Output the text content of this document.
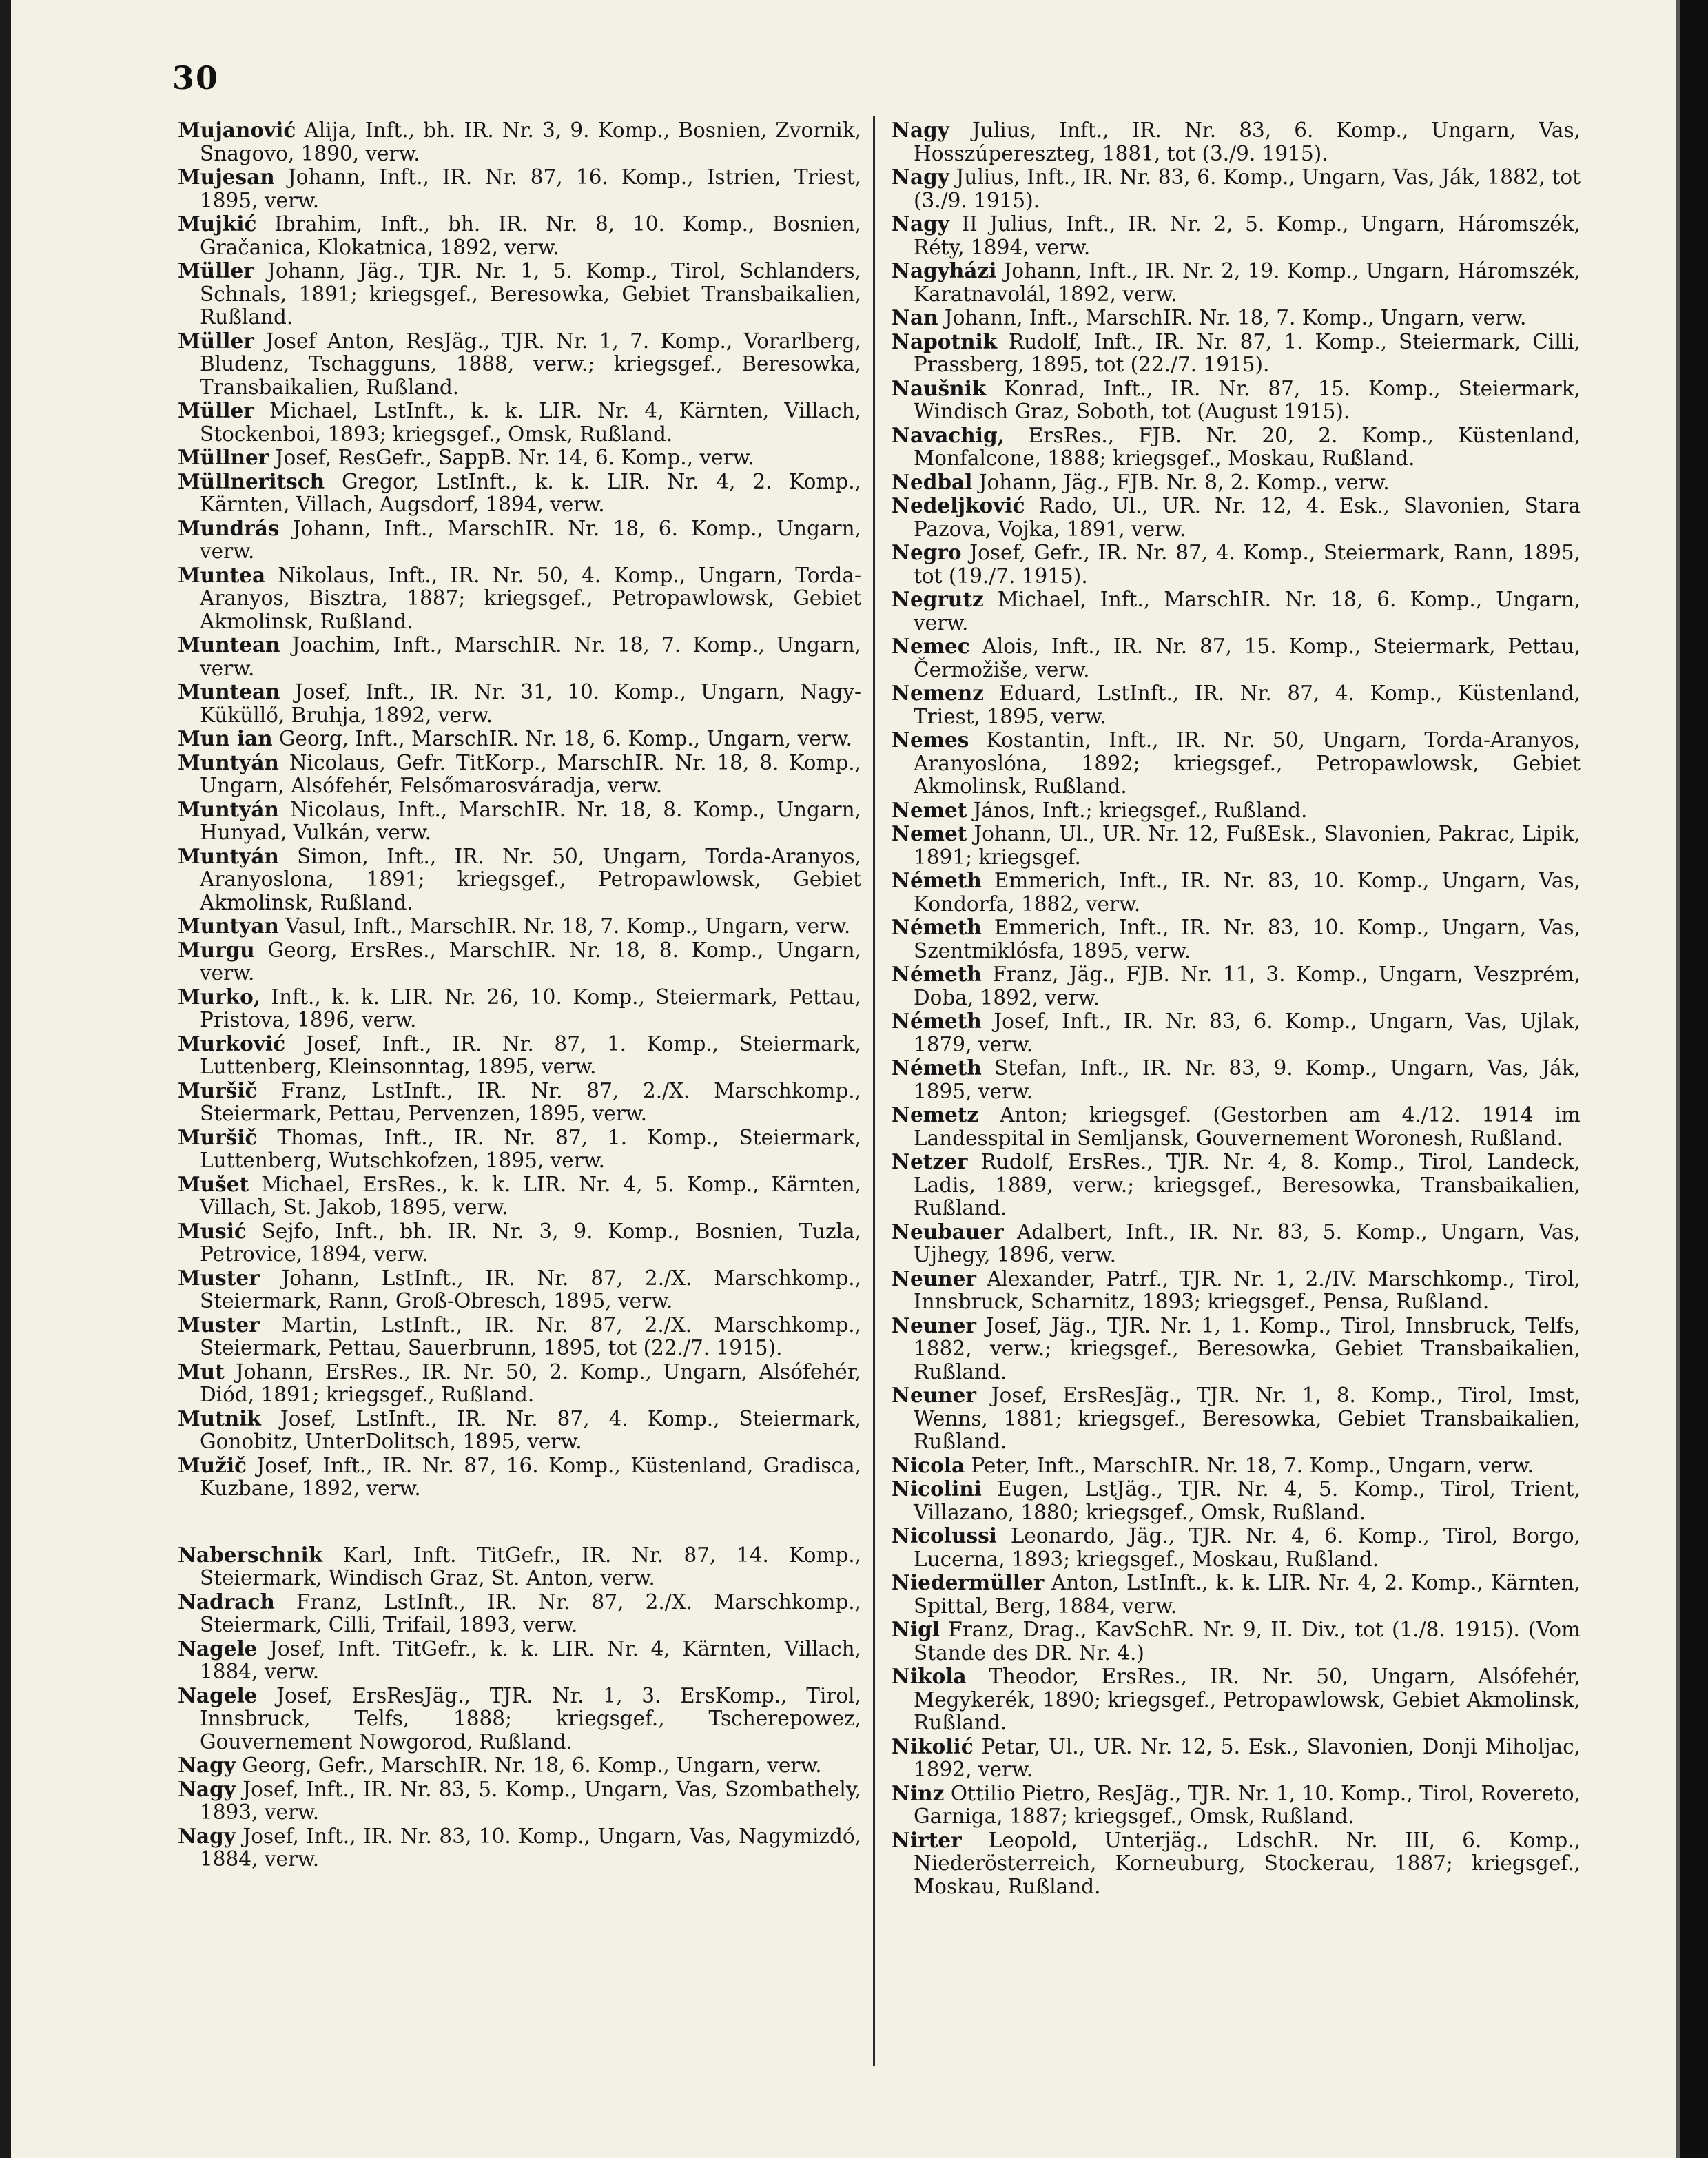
30

Mujanović Alija, Inft., bh. IR. Nr. 3, 9. Komp., Bosnien, Zvornik, Snagovo, 1890, verw.
Mujesan Johann, Inft., IR. Nr. 87, 16. Komp., Istrien, Triest, 1895, verw.
Mujkić Ibrahim, Inft., bh. IR. Nr. 8, 10. Komp., Bosnien, Gračanica, Klokatnica, 1892, verw.
Müller Johann, Jäg., TJR. Nr. 1, 5. Komp., Tirol, Schlanders, Schnals, 1891; kriegsgef., Beresowka, Gebiet Transbaikalien, Rußland.
Müller Josef Anton, ResJäg., TJR. Nr. 1, 7. Komp., Vorarlberg, Bludenz, Tschagguns, 1888, verw.; kriegsgef., Beresowka, Transbaikalien, Rußland.
Müller Michael, LstInft., k. k. LIR. Nr. 4, Kärnten, Villach, Stockenboi, 1893; kriegsgef., Omsk, Rußland.
Müllner Josef, ResGefr., SappB. Nr. 14, 6. Komp., verw.
Müllneritsch Gregor, LstInft., k. k. LIR. Nr. 4, 2. Komp., Kärnten, Villach, Augsdorf, 1894, verw.
Mundrás Johann, Inft., MarschIR. Nr. 18, 6. Komp., Ungarn, verw.
Muntea Nikolaus, Inft., IR. Nr. 50, 4. Komp., Ungarn, Torda-Aranyos, Bisztra, 1887; kriegsgef., Petropawlowsk, Gebiet Akmolinsk, Rußland.
Muntean Joachim, Inft., MarschIR. Nr. 18, 7. Komp., Ungarn, verw.
Muntean Josef, Inft., IR. Nr. 31, 10. Komp., Ungarn, Nagy-Küküllő, Bruhja, 1892, verw.
Mun ian Georg, Inft., MarschIR. Nr. 18, 6. Komp., Ungarn, verw.
Muntyán Nicolaus, Gefr. TitKorp., MarschIR. Nr. 18, 8. Komp., Ungarn, Alsófehér, Felsőmarosváradja, verw.
Muntyán Nicolaus, Inft., MarschIR. Nr. 18, 8. Komp., Ungarn, Hunyad, Vulkán, verw.
Muntyán Simon, Inft., IR. Nr. 50, Ungarn, Torda-Aranyos, Aranyoslona, 1891; kriegsgef., Petropawlowsk, Gebiet Akmolinsk, Rußland.
Muntyan Vasul, Inft., MarschIR. Nr. 18, 7. Komp., Ungarn, verw.
Murgu Georg, ErsRes., MarschIR. Nr. 18, 8. Komp., Ungarn, verw.
Murko, Inft., k. k. LIR. Nr. 26, 10. Komp., Steiermark, Pettau, Pristova, 1896, verw.
Murković Josef, Inft., IR. Nr. 87, 1. Komp., Steiermark, Luttenberg, Kleinsonntag, 1895, verw.
Muršič Franz, LstInft., IR. Nr. 87, 2./X. Marschkomp., Steiermark, Pettau, Pervenzen, 1895, verw.
Muršič Thomas, Inft., IR. Nr. 87, 1. Komp., Steiermark, Luttenberg, Wutschkofzen, 1895, verw.
Mušet Michael, ErsRes., k. k. LIR. Nr. 4, 5. Komp., Kärnten, Villach, St. Jakob, 1895, verw.
Musić Sejfo, Inft., bh. IR. Nr. 3, 9. Komp., Bosnien, Tuzla, Petrovice, 1894, verw.
Muster Johann, LstInft., IR. Nr. 87, 2./X. Marschkomp., Steiermark, Rann, Groß-Obresch, 1895, verw.
Muster Martin, LstInft., IR. Nr. 87, 2./X. Marschkomp., Steiermark, Pettau, Sauerbrunn, 1895, tot (22./7. 1915).
Mut Johann, ErsRes., IR. Nr. 50, 2. Komp., Ungarn, Alsófehér, Diód, 1891; kriegsgef., Rußland.
Mutnik Josef, LstInft., IR. Nr. 87, 4. Komp., Steiermark, Gonobitz, UnterDolitsch, 1895, verw.
Mužič Josef, Inft., IR. Nr. 87, 16. Komp., Küstenland, Gradisca, Kuzbane, 1892, verw.
Naberschnik Karl, Inft. TitGefr., IR. Nr. 87, 14. Komp., Steiermark, Windisch Graz, St. Anton, verw.
Nadrach Franz, LstInft., IR. Nr. 87, 2./X. Marschkomp., Steiermark, Cilli, Trifail, 1893, verw.
Nagele Josef, Inft. TitGefr., k. k. LIR. Nr. 4, Kärnten, Villach, 1884, verw.
Nagele Josef, ErsResJäg., TJR. Nr. 1, 3. ErsKomp., Tirol, Innsbruck, Telfs, 1888; kriegsgef., Tscherepowez, Gouvernement Nowgorod, Rußland.
Nagy Georg, Gefr., MarschIR. Nr. 18, 6. Komp., Ungarn, verw.
Nagy Josef, Inft., IR. Nr. 83, 5. Komp., Ungarn, Vas, Szombathely, 1893, verw.
Nagy Josef, Inft., IR. Nr. 83, 10. Komp., Ungarn, Vas, Nagymizdó, 1884, verw.
Nagy Julius, Inft., IR. Nr. 83, 6. Komp., Ungarn, Vas, Hosszúpereszteg, 1881, tot (3./9. 1915).
Nagy Julius, Inft., IR. Nr. 83, 6. Komp., Ungarn, Vas, Ják, 1882, tot (3./9. 1915).
Nagy II Julius, Inft., IR. Nr. 2, 5. Komp., Ungarn, Háromszék, Réty, 1894, verw.
Nagyházi Johann, Inft., IR. Nr. 2, 19. Komp., Ungarn, Háromszék, Karatnavolál, 1892, verw.
Nan Johann, Inft., MarschIR. Nr. 18, 7. Komp., Ungarn, verw.
Napotnik Rudolf, Inft., IR. Nr. 87, 1. Komp., Steiermark, Cilli, Prassberg, 1895, tot (22./7. 1915).
Naušnik Konrad, Inft., IR. Nr. 87, 15. Komp., Steiermark, Windisch Graz, Soboth, tot (August 1915).
Navachig, ErsRes., FJB. Nr. 20, 2. Komp., Küstenland, Monfalcone, 1888; kriegsgef., Moskau, Rußland.
Nedbal Johann, Jäg., FJB. Nr. 8, 2. Komp., verw.
Nedeljković Rado, Ul., UR. Nr. 12, 4. Esk., Slavonien, Stara Pazova, Vojka, 1891, verw.
Negro Josef, Gefr., IR. Nr. 87, 4. Komp., Steiermark, Rann, 1895, tot (19./7. 1915).
Negrutz Michael, Inft., MarschIR. Nr. 18, 6. Komp., Ungarn, verw.
Nemec Alois, Inft., IR. Nr. 87, 15. Komp., Steiermark, Pettau, Čermožiše, verw.
Nemenz Eduard, LstInft., IR. Nr. 87, 4. Komp., Küstenland, Triest, 1895, verw.
Nemes Kostantin, Inft., IR. Nr. 50, Ungarn, Torda-Aranyos, Aranyoslóna, 1892; kriegsgef., Petropawlowsk, Gebiet Akmolinsk, Rußland.
Nemet János, Inft.; kriegsgef., Rußland.
Nemet Johann, Ul., UR. Nr. 12, FußEsk., Slavonien, Pakrac, Lipik, 1891; kriegsgef.
Németh Emmerich, Inft., IR. Nr. 83, 10. Komp., Ungarn, Vas, Kondorfa, 1882, verw.
Németh Emmerich, Inft., IR. Nr. 83, 10. Komp., Ungarn, Vas, Szentmiklósfa, 1895, verw.
Németh Franz, Jäg., FJB. Nr. 11, 3. Komp., Ungarn, Veszprém, Doba, 1892, verw.
Németh Josef, Inft., IR. Nr. 83, 6. Komp., Ungarn, Vas, Ujlak, 1879, verw.
Németh Stefan, Inft., IR. Nr. 83, 9. Komp., Ungarn, Vas, Ják, 1895, verw.
Nemetz Anton; kriegsgef. (Gestorben am 4./12. 1914 im Landesspital in Semljansk, Gouvernement Woronesh, Rußland.
Netzer Rudolf, ErsRes., TJR. Nr. 4, 8. Komp., Tirol, Landeck, Ladis, 1889, verw.; kriegsgef., Beresowka, Transbaikalien, Rußland.
Neubauer Adalbert, Inft., IR. Nr. 83, 5. Komp., Ungarn, Vas, Ujhegy, 1896, verw.
Neuner Alexander, Patrf., TJR. Nr. 1, 2./IV. Marschkomp., Tirol, Innsbruck, Scharnitz, 1893; kriegsgef., Pensa, Rußland.
Neuner Josef, Jäg., TJR. Nr. 1, 1. Komp., Tirol, Innsbruck, Telfs, 1882, verw.; kriegsgef., Beresowka, Gebiet Transbaikalien, Rußland.
Neuner Josef, ErsResJäg., TJR. Nr. 1, 8. Komp., Tirol, Imst, Wenns, 1881; kriegsgef., Beresowka, Gebiet Transbaikalien, Rußland.
Nicola Peter, Inft., MarschIR. Nr. 18, 7. Komp., Ungarn, verw.
Nicolini Eugen, LstJäg., TJR. Nr. 4, 5. Komp., Tirol, Trient, Villazano, 1880; kriegsgef., Omsk, Rußland.
Nicolussi Leonardo, Jäg., TJR. Nr. 4, 6. Komp., Tirol, Borgo, Lucerna, 1893; kriegsgef., Moskau, Rußland.
Niedermüller Anton, LstInft., k. k. LIR. Nr. 4, 2. Komp., Kärnten, Spittal, Berg, 1884, verw.
Nigl Franz, Drag., KavSchR. Nr. 9, II. Div., tot (1./8. 1915). (Vom Stande des DR. Nr. 4.)
Nikola Theodor, ErsRes., IR. Nr. 50, Ungarn, Alsófehér, Megykerék, 1890; kriegsgef., Petropawlowsk, Gebiet Akmolinsk, Rußland.
Nikolić Petar, Ul., UR. Nr. 12, 5. Esk., Slavonien, Donji Miholjac, 1892, verw.
Ninz Ottilio Pietro, ResJäg., TJR. Nr. 1, 10. Komp., Tirol, Rovereto, Garniga, 1887; kriegsgef., Omsk, Rußland.
Nirter Leopold, Unterjäg., LdschR. Nr. III, 6. Komp., Niederösterreich, Korneuburg, Stockerau, 1887; kriegsgef., Moskau, Rußland.
